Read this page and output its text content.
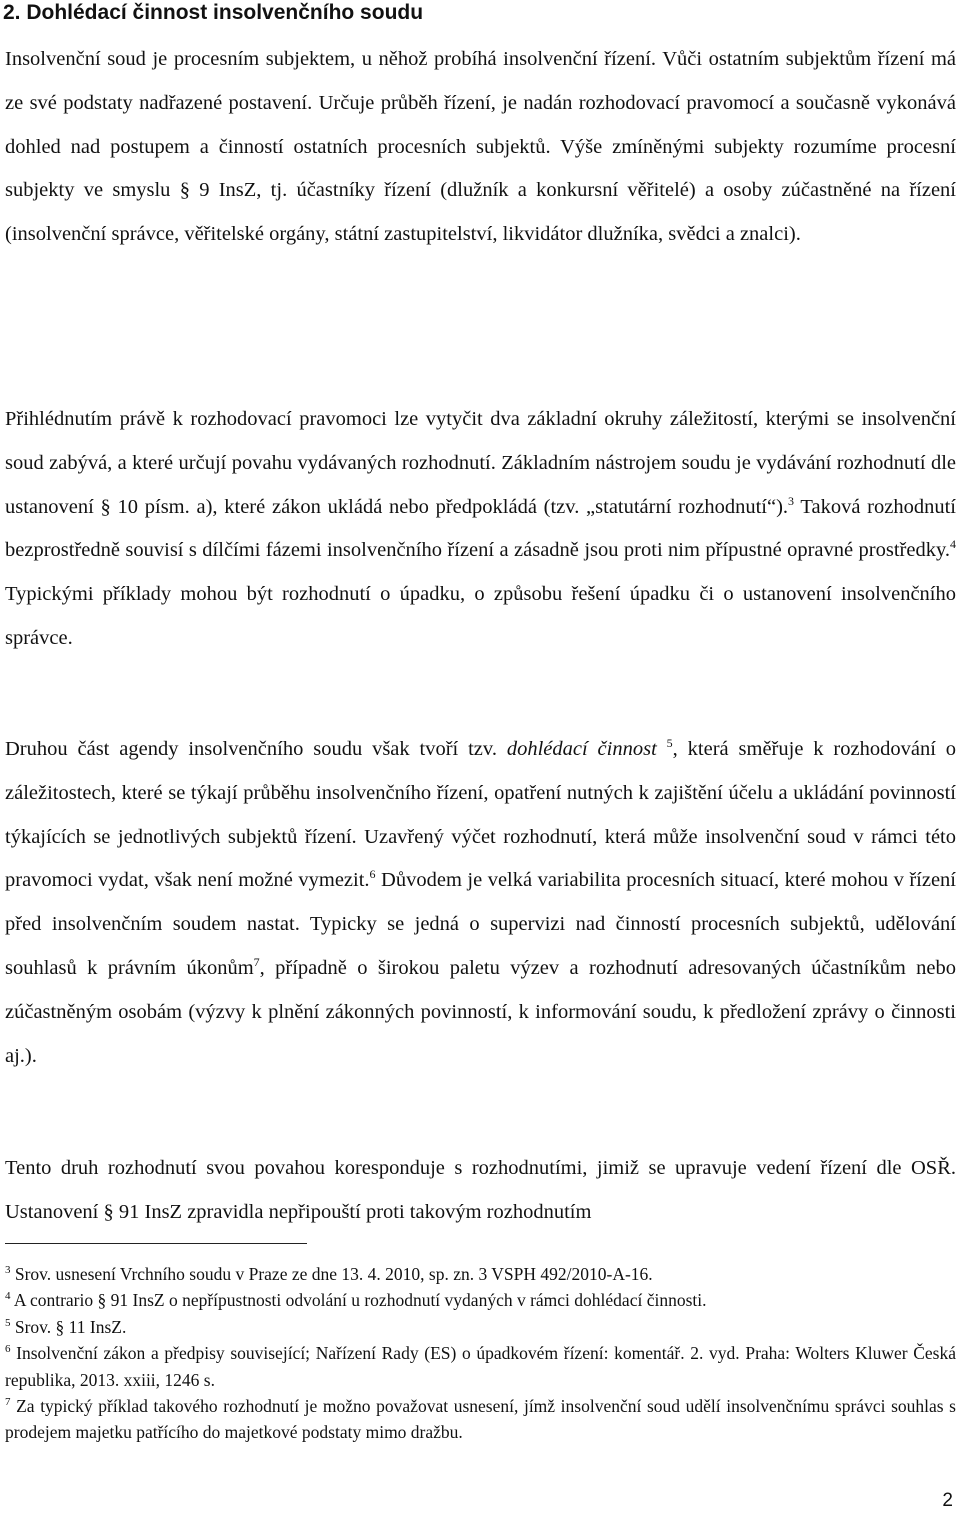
2. Dohlédací činnost insolvenčního soudu

Insolvenční soud je procesním subjektem, u něhož probíhá insolvenční řízení. Vůči ostatním subjektům řízení má ze své podstaty nadřazené postavení. Určuje průběh řízení, je nadán rozhodovací pravomocí a současně vykonává dohled nad postupem a činností ostatních procesních subjektů. Výše zmíněnými subjekty rozumíme procesní subjekty ve smyslu § 9 InsZ, tj. účastníky řízení (dlužník a konkursní věřitelé) a osoby zúčastněné na řízení (insolvenční správce, věřitelské orgány, státní zastupitelství, likvidátor dlužníka, svědci a znalci).

Přihlédnutím právě k rozhodovací pravomoci lze vytyčit dva základní okruhy záležitostí, kterými se insolvenční soud zabývá, a které určují povahu vydávaných rozhodnutí. Základním nástrojem soudu je vydávání rozhodnutí dle ustanovení § 10 písm. a), které zákon ukládá nebo předpokládá (tzv. „statutární rozhodnutí“).$^3$ Taková rozhodnutí bezprostředně souvisí s dílčími fázemi insolvenčního řízení a zásadně jsou proti nim přípustné opravné prostředky.$^4$ Typickými příklady mohou být rozhodnutí o úpadku, o způsobu řešení úpadku či o ustanovení insolvenčního správce.

Druhou část agendy insolvenčního soudu však tvoří tzv. dohlédací činnost $^5$, která směřuje k rozhodování o záležitostech, které se týkají průběhu insolvenčního řízení, opatření nutných k zajištění účelu a ukládání povinností týkajících se jednotlivých subjektů řízení. Uzavřený výčet rozhodnutí, která může insolvenční soud v rámci této pravomoci vydat, však není možné vymezit.$^6$ Důvodem je velká variabilita procesních situací, které mohou v řízení před insolvenčním soudem nastat. Typicky se jedná o supervizi nad činností procesních subjektů, udělování souhlasů k právním úkonům$^7$, případně o širokou paletu výzev a rozhodnutí adresovaných účastníkům nebo zúčastněným osobám (výzvy k plnění zákonných povinností, k informování soudu, k předložení zprávy o činnosti aj.).

Tento druh rozhodnutí svou povahou koresponduje s rozhodnutími, jimiž se upravuje vedení řízení dle OSŘ. Ustanovení § 91 InsZ zpravidla nepřipouští proti takovým rozhodnutím

$^3$ Srov. usnesení Vrchního soudu v Praze ze dne 13. 4. 2010, sp. zn. 3 VSPH 492/2010-A-16.

$^4$ A contrario § 91 InsZ o nepřípustnosti odvolání u rozhodnutí vydaných v rámci dohlédací činnosti.

$^5$ Srov. § 11 InsZ.

$^6$ Insolvenční zákon a předpisy související; Nařízení Rady (ES) o úpadkovém řízení: komentář. 2. vyd. Praha: Wolters Kluwer Česká republika, 2013. xxiii, 1246 s.

$^7$ Za typický příklad takového rozhodnutí je možno považovat usnesení, jímž insolvenční soud udělí insolvenčnímu správci souhlas s prodejem majetku patřícího do majetkové podstaty mimo dražbu.

2
